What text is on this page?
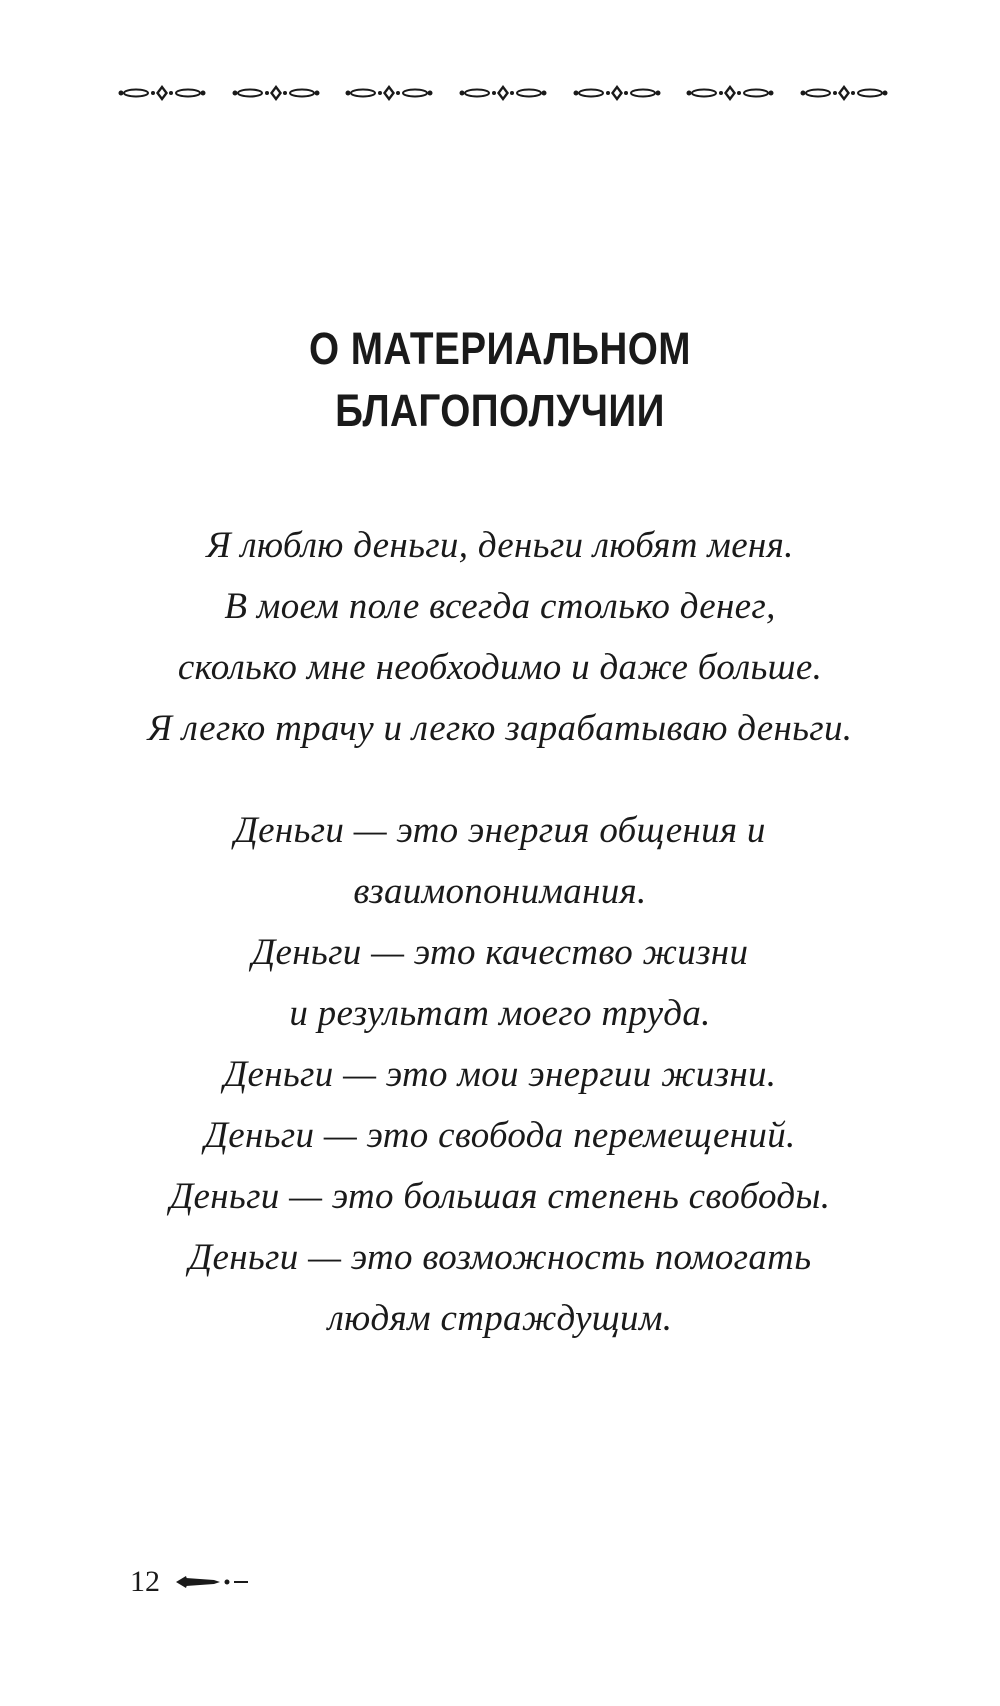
О МАТЕРИАЛЬНОМ
БЛАГОПОЛУЧИИ
Я люблю деньги, деньги любят меня.
В моем поле всегда столько денег,
сколько мне необходимо и даже больше.
Я легко трачу и легко зарабатываю деньги.
Деньги — это энергия общения и
взаимопонимания.
Деньги — это качество жизни
и результат моего труда.
Деньги — это мои энергии жизни.
Деньги — это свобода перемещений.
Деньги — это большая степень свободы.
Деньги — это возможность помогать
людям страждущим.
12
